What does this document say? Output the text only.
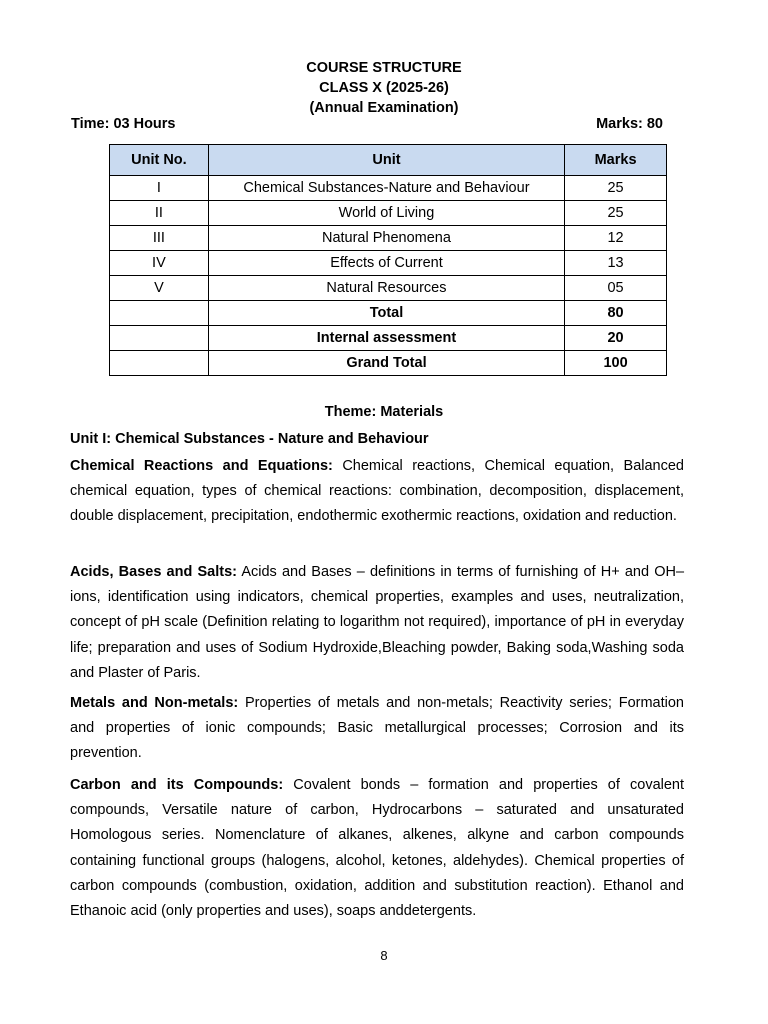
COURSE STRUCTURE
CLASS X (2025-26)
(Annual Examination)
Time: 03 Hours	Marks: 80
Unit No.	Unit	Marks
I	Chemical Substances-Nature and Behaviour	25
II	World of Living	25
III	Natural Phenomena	12
IV	Effects of Current	13
V	Natural Resources	05
	Total	80
	Internal assessment	20
	Grand Total	100
Theme: Materials
Unit I: Chemical Substances - Nature and Behaviour
Chemical Reactions and Equations: Chemical reactions, Chemical equation, Balanced chemical equation, types of chemical reactions: combination, decomposition, displacement, double displacement, precipitation, endothermic exothermic reactions, oxidation and reduction.
Acids, Bases and Salts: Acids and Bases – definitions in terms of furnishing of H+ and OH– ions, identification using indicators, chemical properties, examples and uses, neutralization, concept of pH scale (Definition relating to logarithm not required), importance of pH in everyday life; preparation and uses of Sodium Hydroxide,Bleaching powder, Baking soda,Washing soda and Plaster of Paris.
Metals and Non-metals: Properties of metals and non-metals; Reactivity series; Formation and properties of ionic compounds; Basic metallurgical processes; Corrosion and its prevention.
Carbon and its Compounds: Covalent bonds – formation and properties of covalent compounds, Versatile nature of carbon, Hydrocarbons – saturated and unsaturated Homologous series. Nomenclature of alkanes, alkenes, alkyne and carbon compounds containing functional groups (halogens, alcohol, ketones, aldehydes). Chemical properties of carbon compounds (combustion, oxidation, addition and substitution reaction). Ethanol and Ethanoic acid (only properties and uses), soaps anddetergents.
8
